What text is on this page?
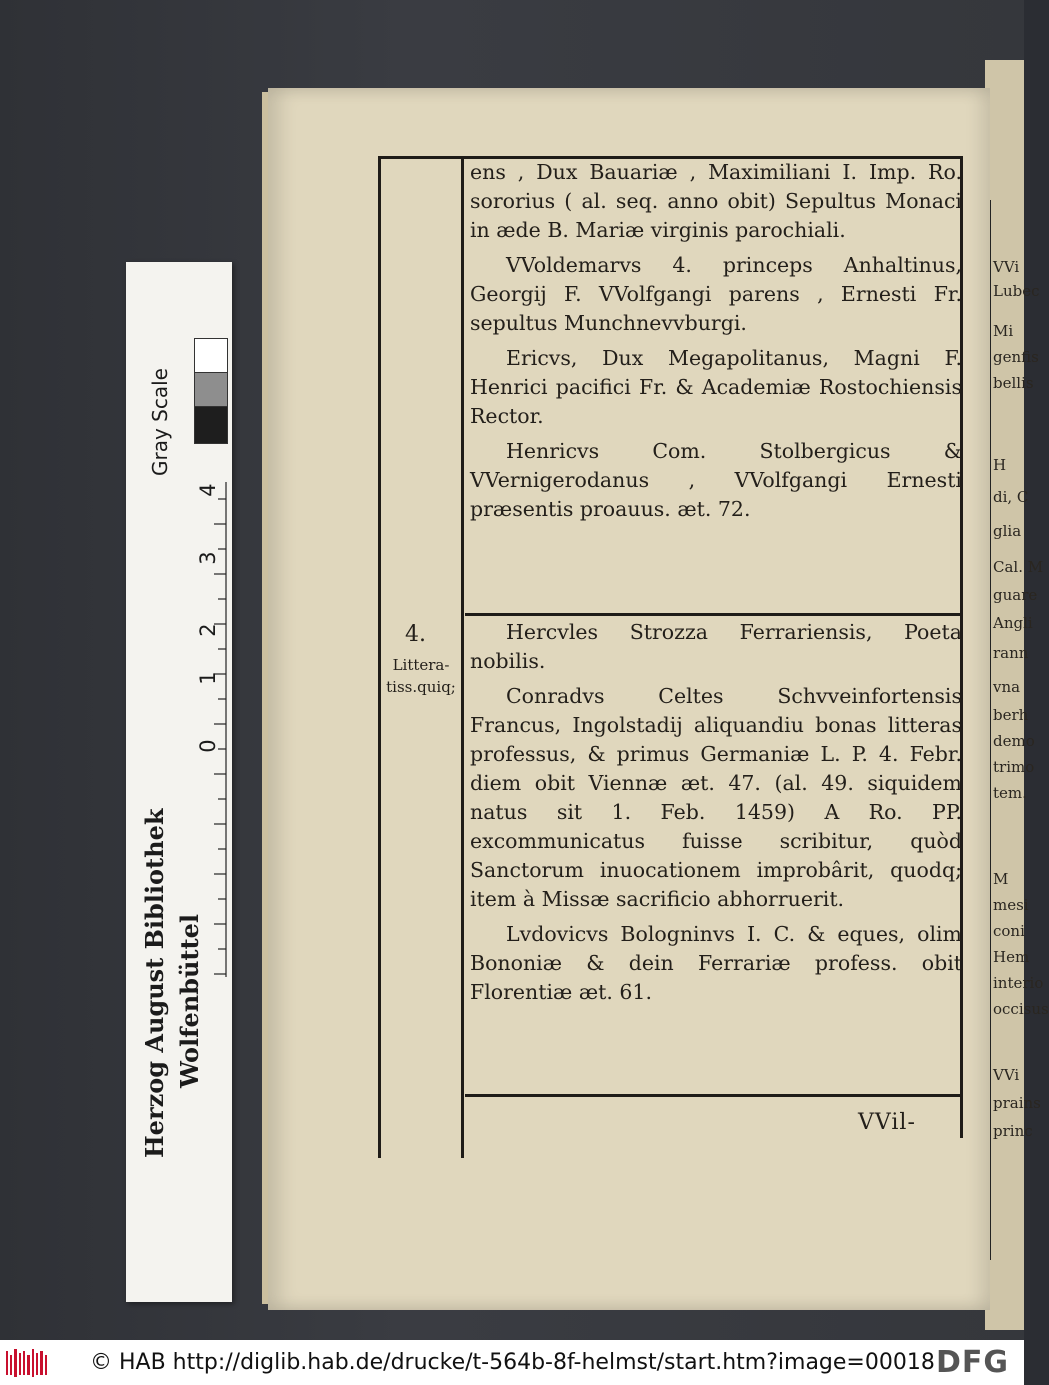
VVi
Lubec
Mi
genfis
bellis
H
di, C
glia
Cal. M
guare
Angli
rann
vna
berh
demo
trimo
tem.
M
mesi
coni
Hem
interio
occisus
VVi
prains
princ

ens , Dux Bauariæ , Maximiliani I. Imp. Ro. sororius ( al. seq. anno obit) Sepultus Monaci in æde B. Mariæ virginis parochiali.

VVoldemarvs 4. princeps Anhaltinus, Georgij F. VVolfgangi parens , Ernesti Fr. sepultus Munchnevvburgi.

Ericvs, Dux Megapolitanus, Magni F. Henrici pacifici Fr. & Academiæ Rostochiensis Rector.

Henricvs Com. Stolbergicus & VVernigerodanus , VVolfgangi Ernesti præsentis proauus. æt. 72.

4.
Littera-
tiss.quiq;

Hercvles Strozza Ferrariensis, Poeta nobilis.

Conradvs Celtes Schvveinfortensis Francus, Ingolstadij aliquandiu bonas litteras professus, & primus Germaniæ L. P. 4. Febr. diem obit Viennæ æt. 47. (al. 49. siquidem natus sit 1. Feb. 1459) A Ro. PP. excommunicatus fuisse scribitur, quòd Sanctorum inuocationem improbârit, quodq; item à Missæ sacrificio abhorruerit.

Lvdovicvs Bologninvs I. C. & eques, olim Bononiæ & dein Ferrariæ profess. obit Florentiæ æt. 61.

VVil-
Gray Scale
Herzog August Bibliothek Wolfenbüttel
0
1
2
3
4
© HAB http://diglib.hab.de/drucke/t-564b-8f-helmst/start.htm?image=00018 DFG
